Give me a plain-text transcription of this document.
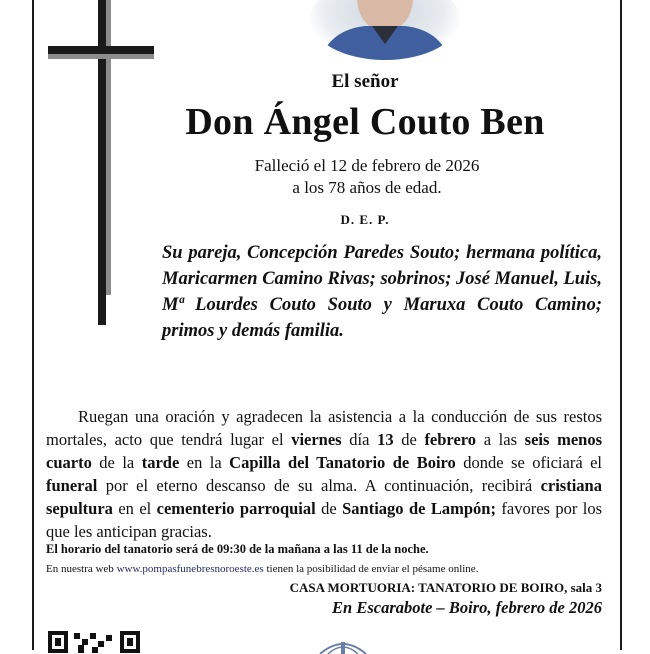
El señor
Don Ángel Couto Ben
Falleció el 12 de febrero de 2026
a los 78 años de edad.
D. E. P.
Su pareja, Concepción Paredes Souto; hermana política, Maricarmen Camino Rivas; sobrinos; José Manuel, Luis, Mª Lourdes Couto Souto y Maruxa Couto Camino; primos y demás familia.

Ruegan una oración y agradecen la asistencia a la conducción de sus restos mortales, acto que tendrá lugar el viernes día 13 de febrero a las seis menos cuarto de la tarde en la Capilla del Tanatorio de Boiro donde se oficiará el funeral por el eterno descanso de su alma. A continuación, recibirá cristiana sepultura en el cementerio parroquial de Santiago de Lampón; favores por los que les anticipan gracias.

El horario del tanatorio será de 09:30 de la mañana a las 11 de la noche.
En nuestra web www.pompasfunebresnoroeste.es tienen la posibilidad de enviar el pésame online.
CASA MORTUORIA: TANATORIO DE BOIRO, sala 3
En Escarabote – Boiro, febrero de 2026
